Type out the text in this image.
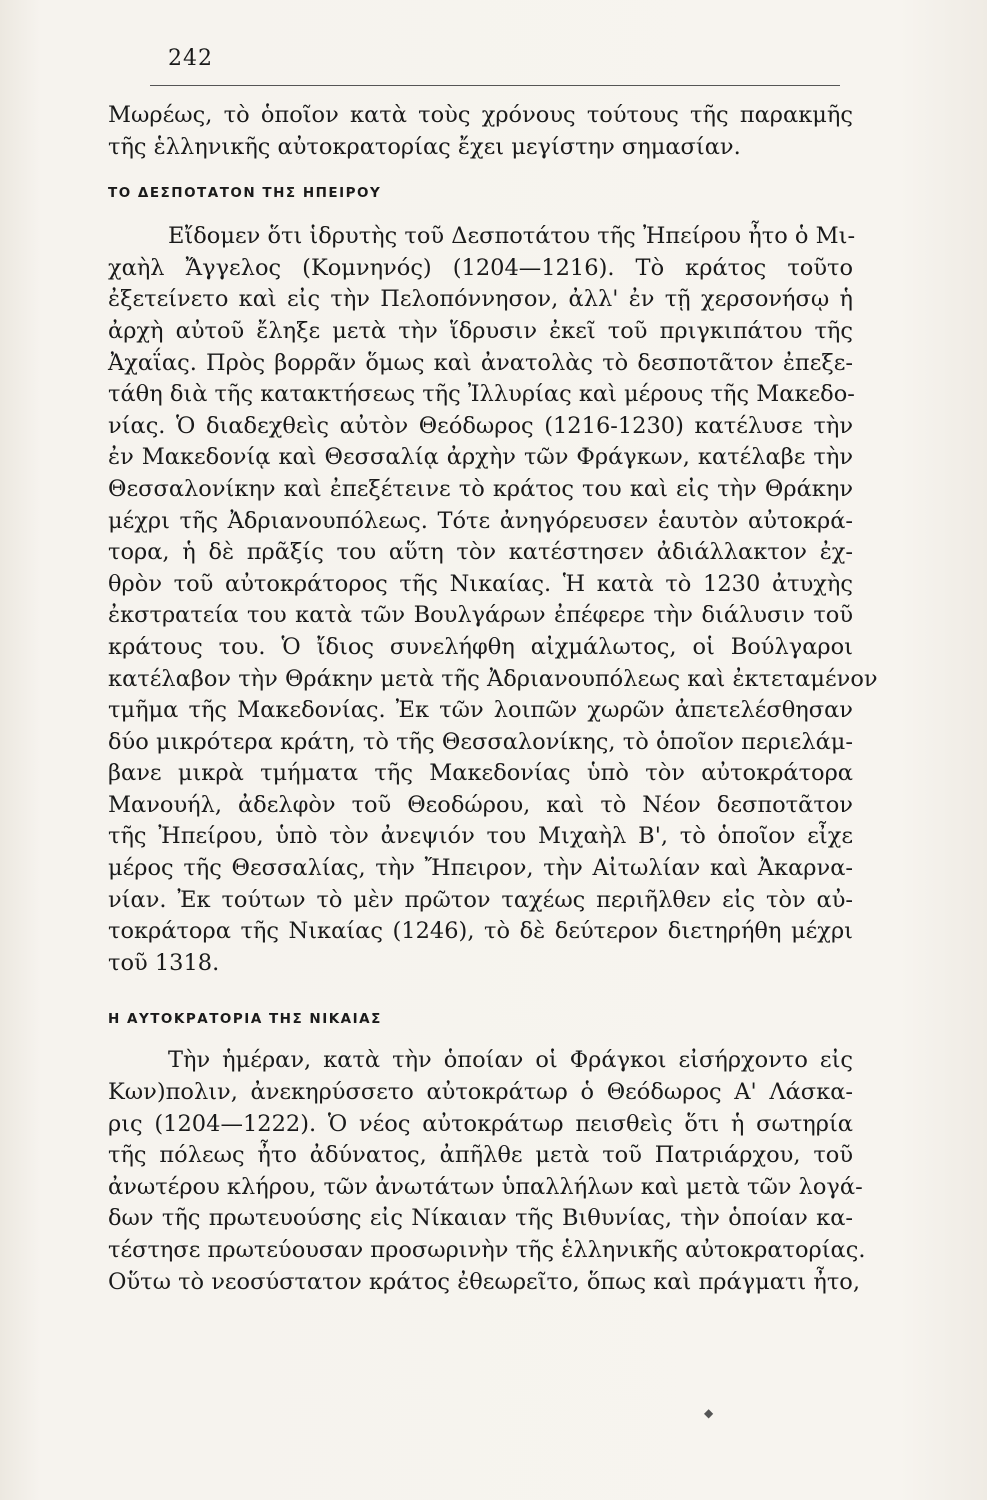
242

Μωρέως, τὸ ὁποῖον κατὰ τοὺς χρόνους τούτους τῆς παρακμῆς
τῆς ἑλληνικῆς αὐτοκρατορίας ἔχει μεγίστην σημασίαν.

ΤΟ ΔΕΣΠΟΤΑΤΟΝ ΤΗΣ ΗΠΕΙΡΟΥ

Εἴδομεν ὅτι ἱδρυτὴς τοῦ Δεσποτάτου τῆς Ἠπείρου ἦτο ὁ Μι-
χαὴλ Ἄγγελος (Κομνηνός) (1204—1216). Τὸ κράτος τοῦτο
ἐξετείνετο καὶ εἰς τὴν Πελοπόννησον, ἀλλ' ἐν τῇ χερσονήσῳ ἡ
ἀρχὴ αὐτοῦ ἔληξε μετὰ τὴν ἵδρυσιν ἐκεῖ τοῦ πριγκιπάτου τῆς
Ἀχαΐας. Πρὸς βορρᾶν ὅμως καὶ ἀνατολὰς τὸ δεσποτᾶτον ἐπεξε-
τάθη διὰ τῆς κατακτήσεως τῆς Ἰλλυρίας καὶ μέρους τῆς Μακεδο-
νίας. Ὁ διαδεχθεὶς αὐτὸν Θεόδωρος (1216-1230) κατέλυσε τὴν
ἐν Μακεδονίᾳ καὶ Θεσσαλίᾳ ἀρχὴν τῶν Φράγκων, κατέλαβε τὴν
Θεσσαλονίκην καὶ ἐπεξέτεινε τὸ κράτος του καὶ εἰς τὴν Θράκην
μέχρι τῆς Ἀδριανουπόλεως. Τότε ἀνηγόρευσεν ἑαυτὸν αὐτοκρά-
τορα, ἡ δὲ πρᾶξίς του αὕτη τὸν κατέστησεν ἀδιάλλακτον ἐχ-
θρὸν τοῦ αὐτοκράτορος τῆς Νικαίας. Ἡ κατὰ τὸ 1230 ἀτυχὴς
ἐκστρατεία του κατὰ τῶν Βουλγάρων ἐπέφερε τὴν διάλυσιν τοῦ
κράτους του. Ὁ ἴδιος συνελήφθη αἰχμάλωτος, οἱ Βούλγαροι
κατέλαβον τὴν Θράκην μετὰ τῆς Ἀδριανουπόλεως καὶ ἐκτεταμένον
τμῆμα τῆς Μακεδονίας. Ἐκ τῶν λοιπῶν χωρῶν ἀπετελέσθησαν
δύο μικρότερα κράτη, τὸ τῆς Θεσσαλονίκης, τὸ ὁποῖον περιελάμ-
βανε μικρὰ τμήματα τῆς Μακεδονίας ὑπὸ τὸν αὐτοκράτορα
Μανουήλ, ἀδελφὸν τοῦ Θεοδώρου, καὶ τὸ Νέον δεσποτᾶτον
τῆς Ἠπείρου, ὑπὸ τὸν ἀνεψιόν του Μιχαὴλ Β', τὸ ὁποῖον εἶχε
μέρος τῆς Θεσσαλίας, τὴν Ἤπειρον, τὴν Αἰτωλίαν καὶ Ἀκαρνα-
νίαν. Ἐκ τούτων τὸ μὲν πρῶτον ταχέως περιῆλθεν εἰς τὸν αὐ-
τοκράτορα τῆς Νικαίας (1246), τὸ δὲ δεύτερον διετηρήθη μέχρι
τοῦ 1318.

Η ΑΥΤΟΚΡΑΤΟΡΙΑ ΤΗΣ ΝΙΚΑΙΑΣ

Τὴν ἡμέραν, κατὰ τὴν ὁποίαν οἱ Φράγκοι εἰσήρχοντο εἰς
Κων)πολιν, ἀνεκηρύσσετο αὐτοκράτωρ ὁ Θεόδωρος Α' Λάσκα-
ρις (1204—1222). Ὁ νέος αὐτοκράτωρ πεισθεὶς ὅτι ἡ σωτηρία
τῆς πόλεως ἦτο ἀδύνατος, ἀπῆλθε μετὰ τοῦ Πατριάρχου, τοῦ
ἀνωτέρου κλήρου, τῶν ἀνωτάτων ὑπαλλήλων καὶ μετὰ τῶν λογά-
δων τῆς πρωτευούσης εἰς Νίκαιαν τῆς Βιθυνίας, τὴν ὁποίαν κα-
τέστησε πρωτεύουσαν προσωρινὴν τῆς ἑλληνικῆς αὐτοκρατορίας.
Οὕτω τὸ νεοσύστατον κράτος ἐθεωρεῖτο, ὅπως καὶ πράγματι ἦτο,

◆
